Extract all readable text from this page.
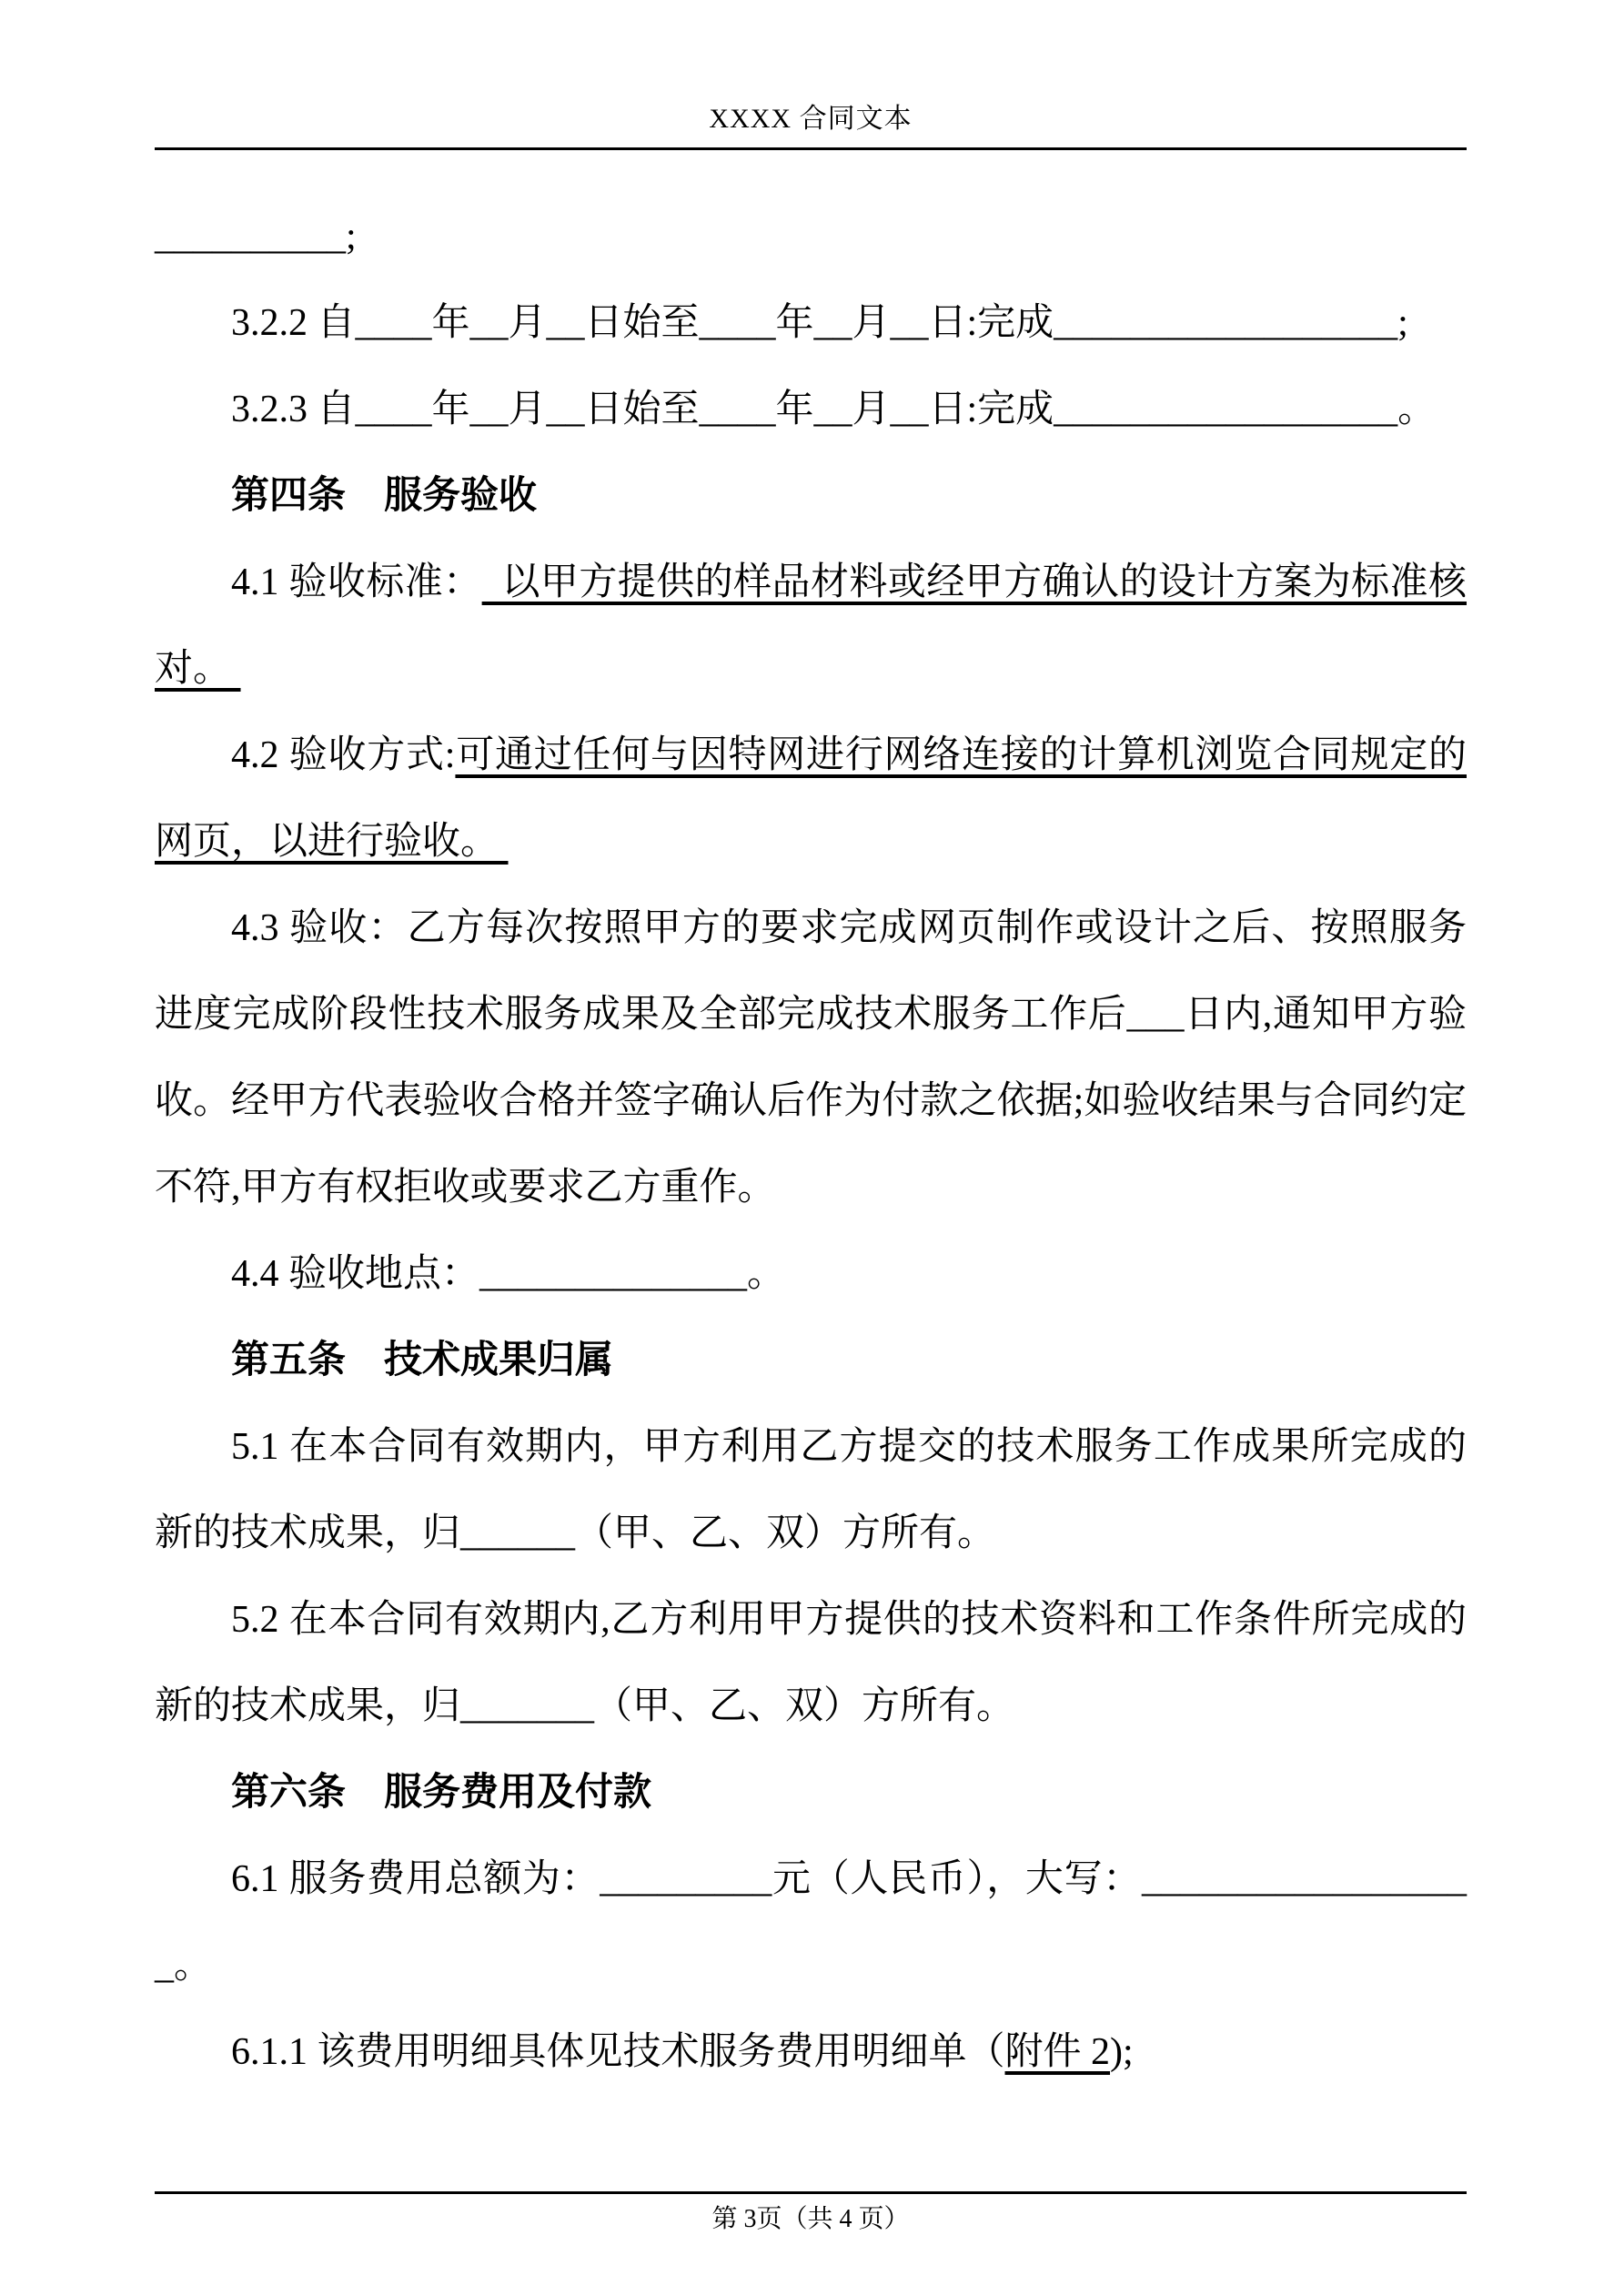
XXXX 合同文本

__________;

3.2.2 自____年__月__日始至____年__月__日:完成__________________;

3.2.3 自____年__月__日始至____年__月__日:完成__________________。

第四条　服务验收

4.1 验收标准：  以甲方提供的样品材料或经甲方确认的设计方案为标准核对。

4.2 验收方式:可通过任何与因特网进行网络连接的计算机浏览合同规定的网页，以进行验收。

4.3 验收：乙方每次按照甲方的要求完成网页制作或设计之后、按照服务进度完成阶段性技术服务成果及全部完成技术服务工作后___日内,通知甲方验收。经甲方代表验收合格并签字确认后作为付款之依据;如验收结果与合同约定不符,甲方有权拒收或要求乙方重作。

4.4 验收地点：______________。

第五条　技术成果归属

5.1 在本合同有效期内，甲方利用乙方提交的技术服务工作成果所完成的新的技术成果，归______（甲、乙、双）方所有。

5.2 在本合同有效期内,乙方利用甲方提供的技术资料和工作条件所完成的新的技术成果，归_______（甲、乙、双）方所有。

第六条　服务费用及付款

6.1 服务费用总额为：_________元（人民币），大写：__________________。

6.1.1 该费用明细具体见技术服务费用明细单（附件 2);

第 3页（共 4 页）
